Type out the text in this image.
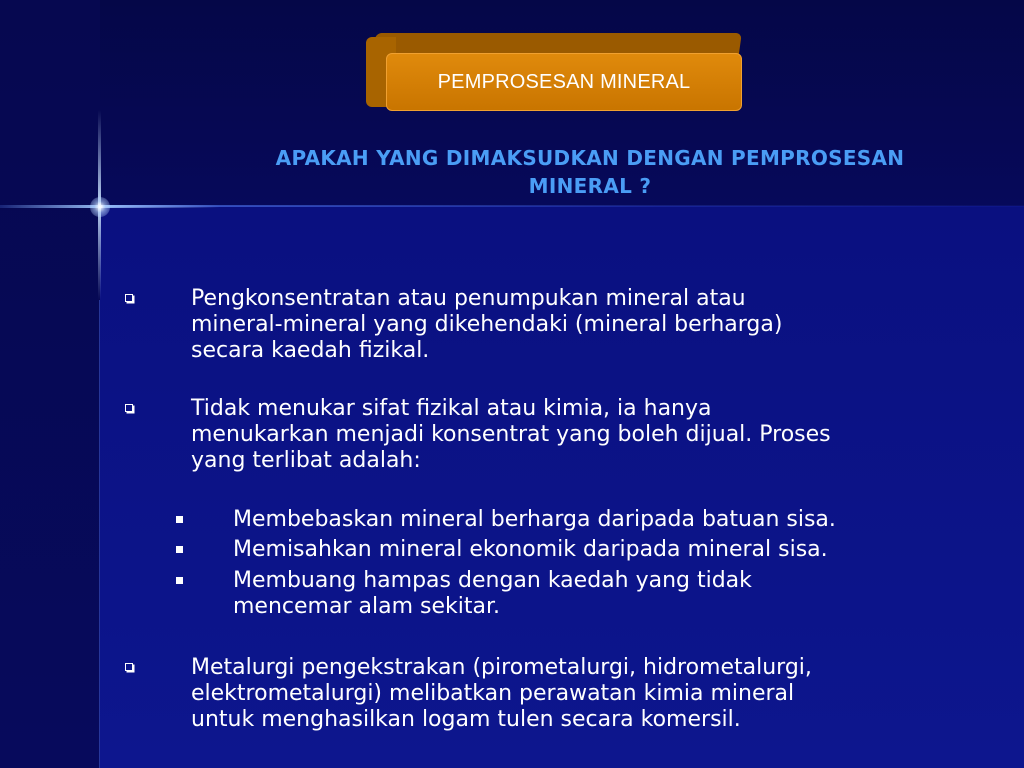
PEMPROSESAN MINERAL
APAKAH YANG DIMAKSUDKAN DENGAN PEMPROSESAN
MINERAL ?
Pengkonsentratan atau penumpukan mineral atau
mineral-mineral yang dikehendaki (mineral berharga)
secara kaedah fizikal.
Tidak menukar sifat fizikal atau kimia, ia hanya
menukarkan menjadi konsentrat yang boleh dijual. Proses
yang terlibat adalah:
Membebaskan mineral berharga daripada batuan sisa.
Memisahkan mineral ekonomik daripada mineral sisa.
Membuang hampas dengan kaedah yang tidak
mencemar alam sekitar.
Metalurgi pengekstrakan (pirometalurgi, hidrometalurgi,
elektrometalurgi) melibatkan perawatan kimia mineral
untuk menghasilkan logam tulen secara komersil.
